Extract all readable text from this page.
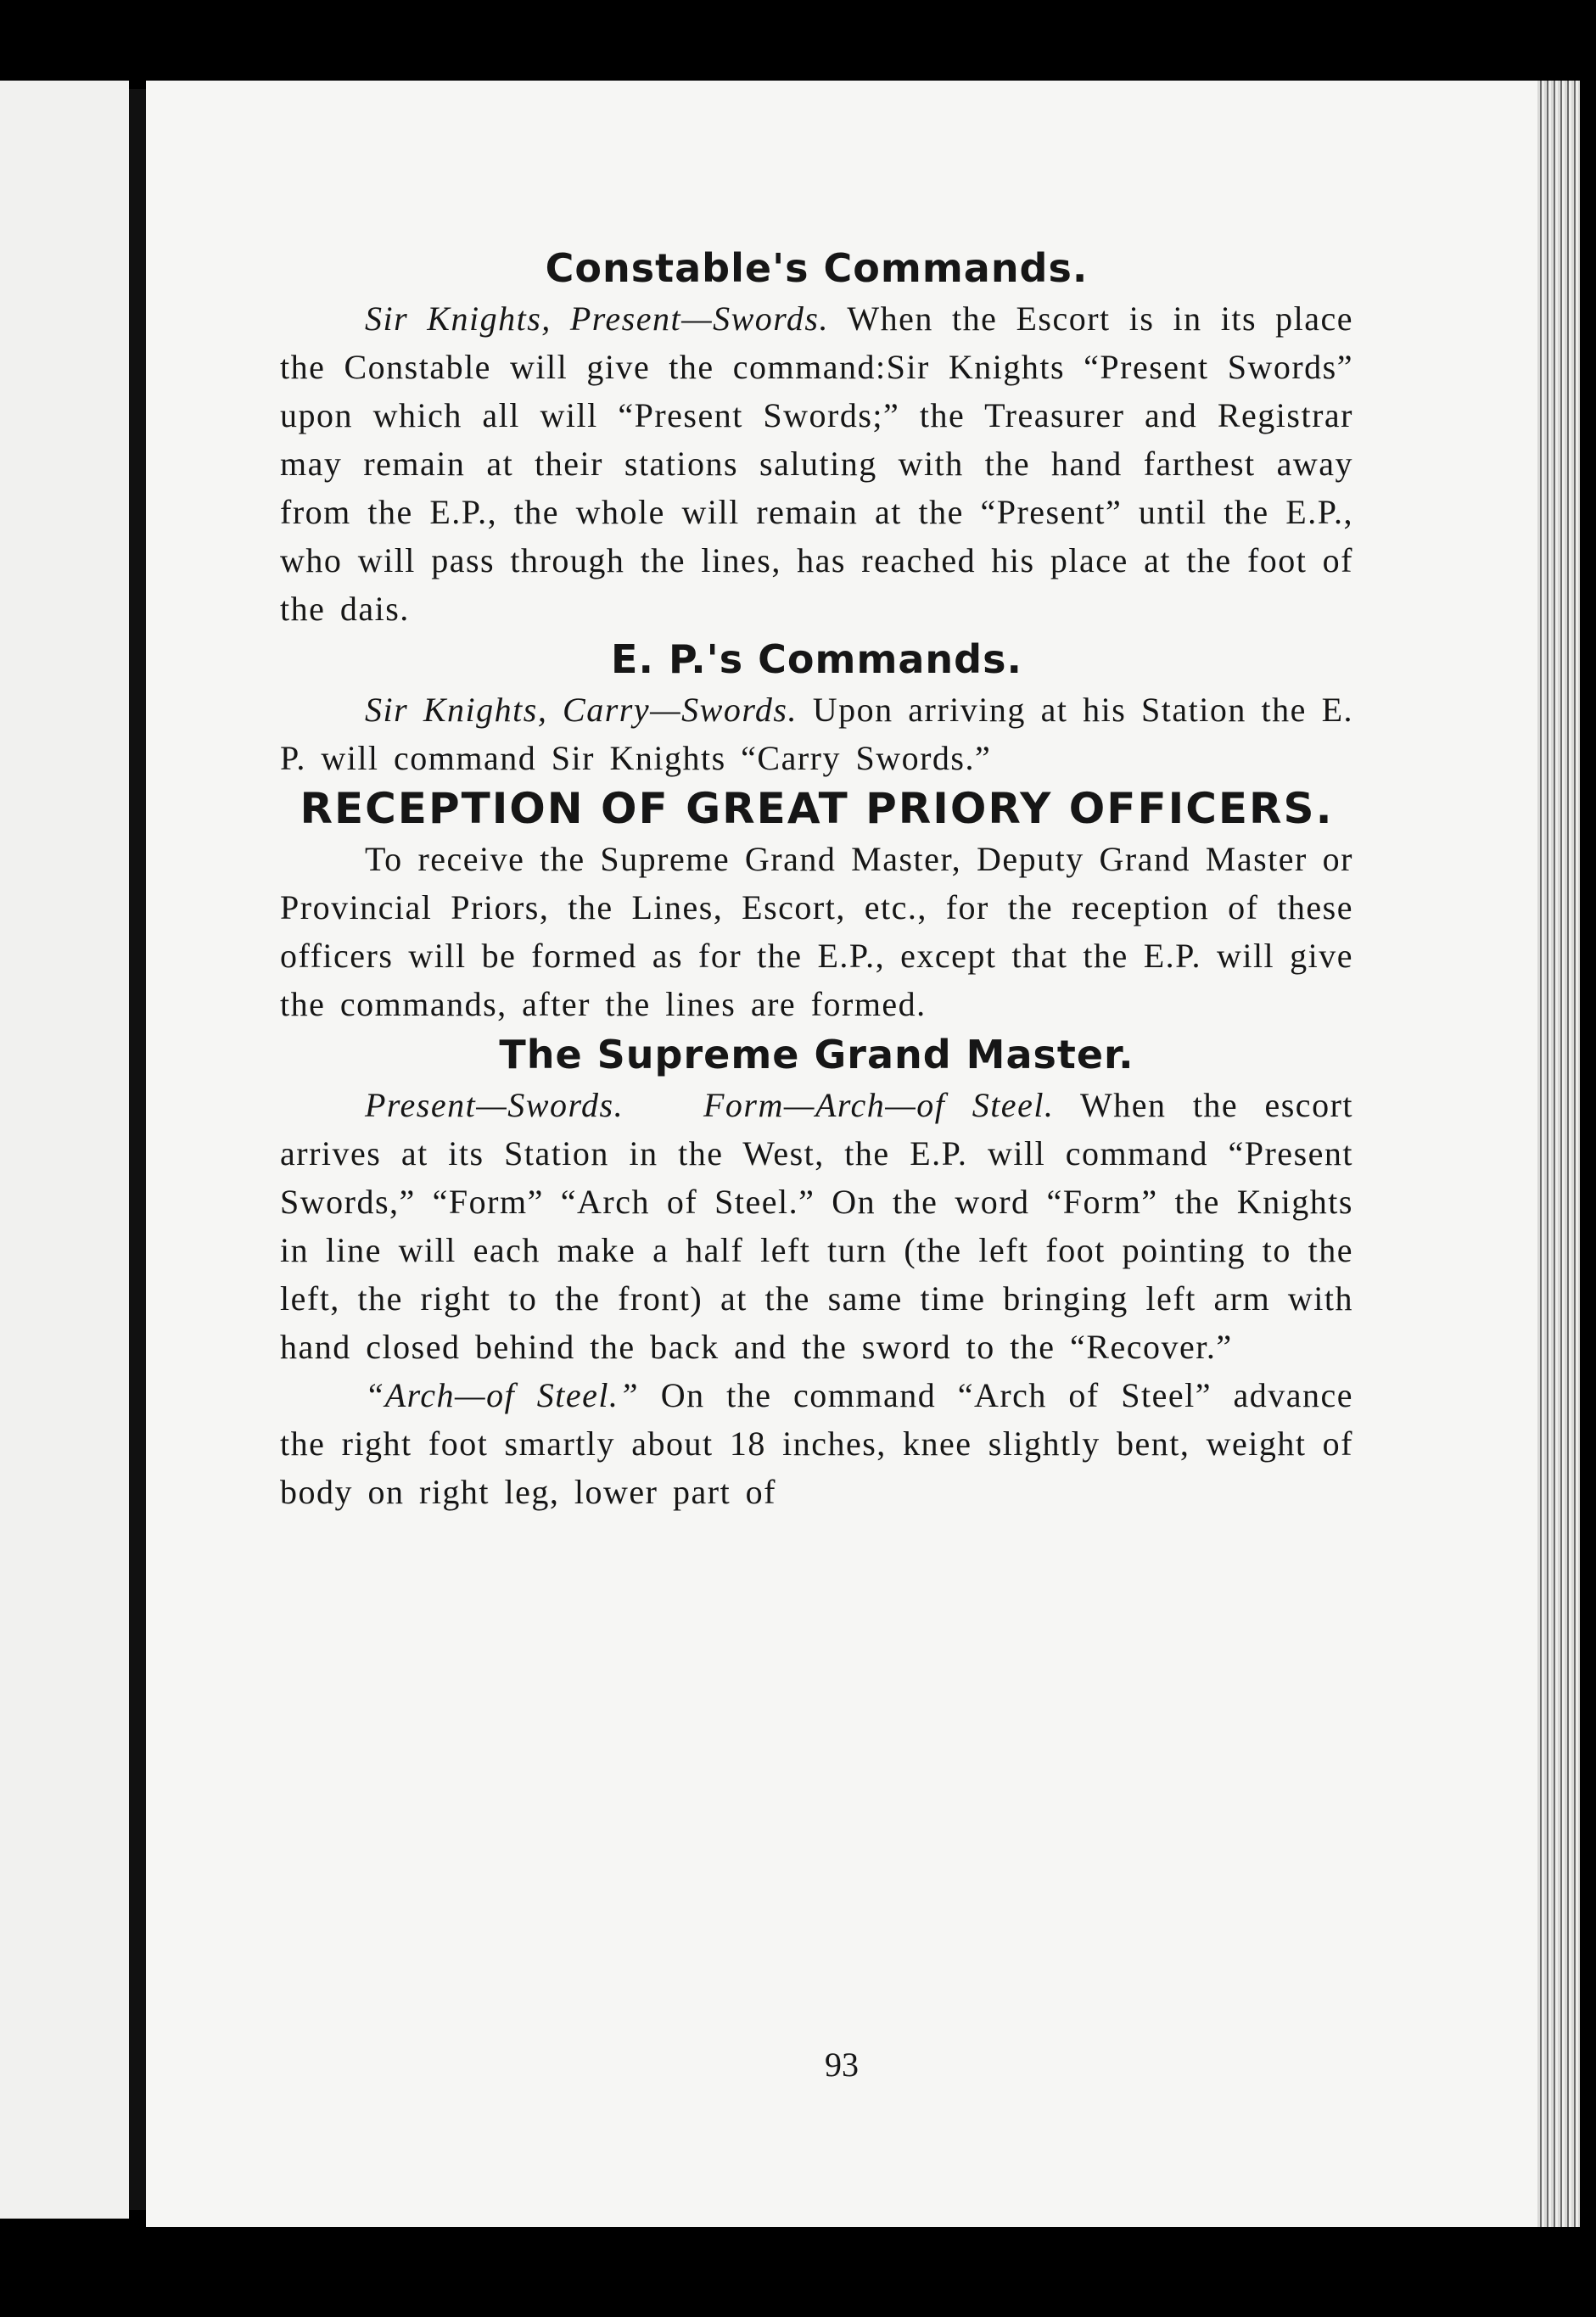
Constable's Commands.

Sir Knights, Present—Swords. When the Escort is in its place the Constable will give the command:Sir Knights “Present Swords” upon which all will “Present Swords;” the Treasurer and Registrar may remain at their stations saluting with the hand farthest away from the E.P., the whole will remain at the “Present” until the E.P., who will pass through the lines, has reached his place at the foot of the dais.

E. P.'s Commands.

Sir Knights, Carry—Swords. Upon arriving at his Station the E. P. will command Sir Knights “Carry Swords.”

RECEPTION OF GREAT PRIORY OFFICERS.

To receive the Supreme Grand Master, Deputy Grand Master or Provincial Priors, the Lines, Escort, etc., for the reception of these officers will be formed as for the E.P., except that the E.P. will give the commands, after the lines are formed.

The Supreme Grand Master.

Present—Swords.   Form—Arch—of Steel. When the escort arrives at its Station in the West, the E.P. will command “Present Swords,” “Form” “Arch of Steel.” On the word “Form” the Knights in line will each make a half left turn (the left foot pointing to the left, the right to the front) at the same time bringing left arm with hand closed behind the back and the sword to the “Recover.”

“Arch—of Steel.” On the command “Arch of Steel” advance the right foot smartly about 18 inches, knee slightly bent, weight of body on right leg, lower part of

93
